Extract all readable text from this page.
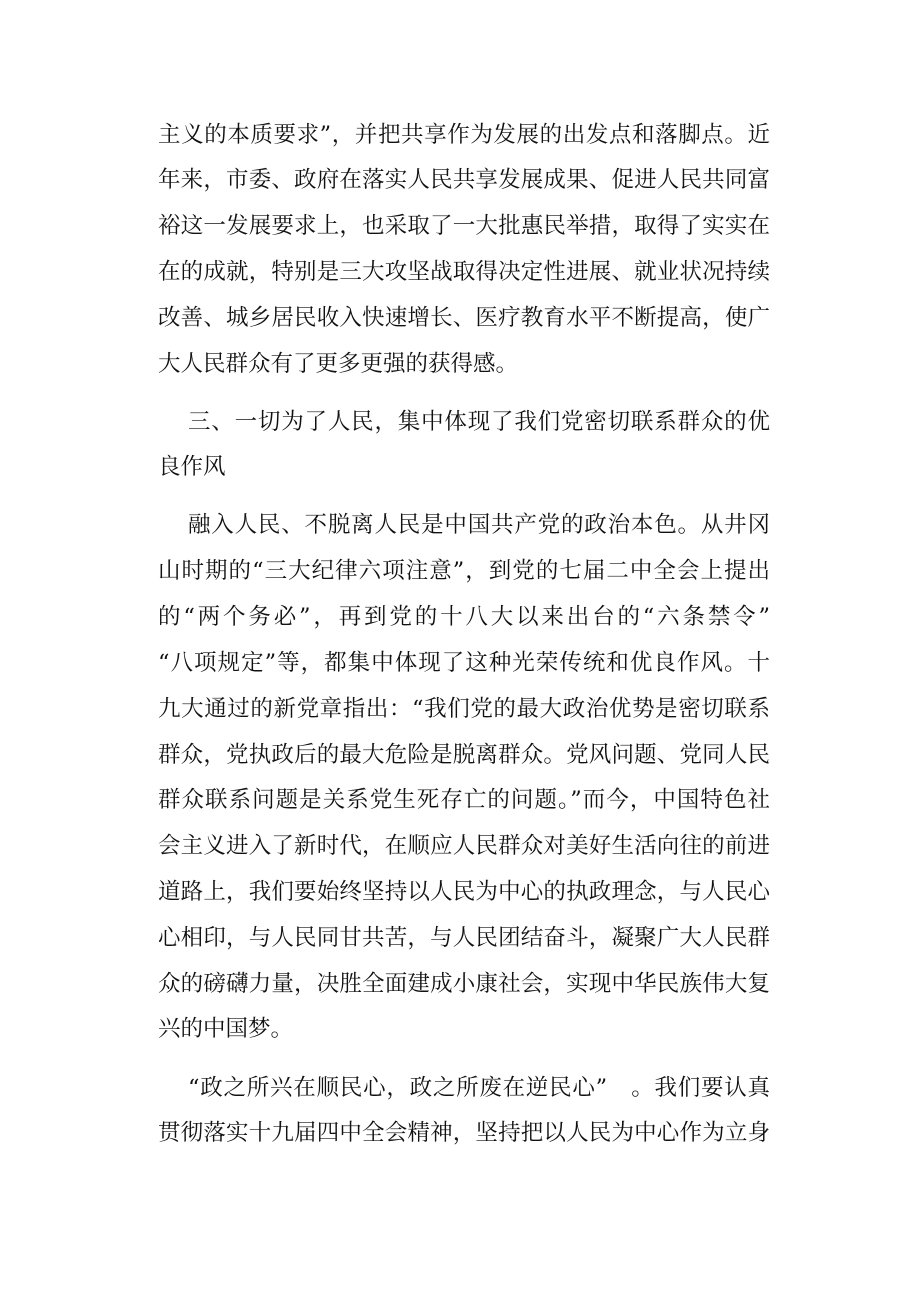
主义的本质要求”，并把共享作为发展的出发点和落脚点。近
年来，市委、政府在落实人民共享发展成果、促进人民共同富
裕这一发展要求上，也采取了一大批惠民举措，取得了实实在
在的成就，特别是三大攻坚战取得决定性进展、就业状况持续
改善、城乡居民收入快速增长、医疗教育水平不断提高，使广
大人民群众有了更多更强的获得感。
三、一切为了人民，集中体现了我们党密切联系群众的优
良作风
融入人民、不脱离人民是中国共产党的政治本色。从井冈
山时期的“三大纪律六项注意”，到党的七届二中全会上提出
的“两个务必”，再到党的十八大以来出台的“六条禁令”
“八项规定”等，都集中体现了这种光荣传统和优良作风。十
九大通过的新党章指出：“我们党的最大政治优势是密切联系
群众，党执政后的最大危险是脱离群众。党风问题、党同人民
群众联系问题是关系党生死存亡的问题。”而今，中国特色社
会主义进入了新时代，在顺应人民群众对美好生活向往的前进
道路上，我们要始终坚持以人民为中心的执政理念，与人民心
心相印，与人民同甘共苦，与人民团结奋斗，凝聚广大人民群
众的磅礴力量，决胜全面建成小康社会，实现中华民族伟大复
兴的中国梦。
“政之所兴在顺民心，政之所废在逆民心”　。我们要认真
贯彻落实十九届四中全会精神，坚持把以人民为中心作为立身
